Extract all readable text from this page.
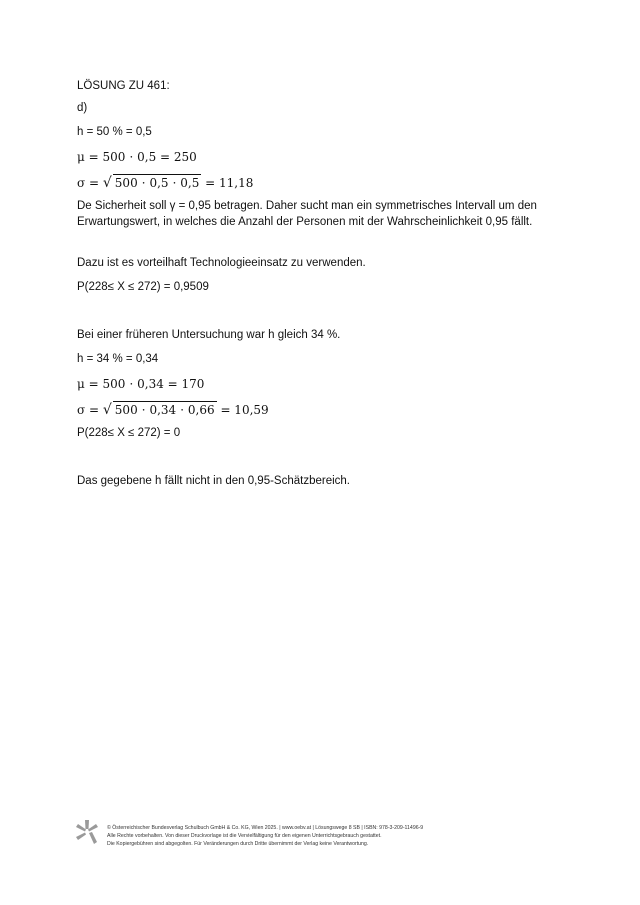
LÖSUNG ZU 461:
d)
h = 50 % = 0,5
μ = 500 ⋅ 0,5 = 250
σ = √ 500 ⋅ 0,5 ⋅ 0,5 = 11,18
De Sicherheit soll γ = 0,95 betragen. Daher sucht man ein symmetrisches Intervall um den
Erwartungswert, in welches die Anzahl der Personen mit der Wahrscheinlichkeit 0,95 fällt.
Dazu ist es vorteilhaft Technologieeinsatz zu verwenden.
P(228≤ X ≤ 272) = 0,9509
Bei einer früheren Untersuchung war h gleich 34 %.
h = 34 % = 0,34
μ = 500 ⋅ 0,34 = 170
σ = √ 500 ⋅ 0,34 ⋅ 0,66 = 10,59
P(228≤ X ≤ 272) = 0
Das gegebene h fällt nicht in den 0,95-Schätzbereich.
© Österreichischer Bundesverlag Schulbuch GmbH & Co. KG, Wien 2025. | www.oebv.at | Lösungswege 8 SB | ISBN: 978-3-209-11496-9
Alle Rechte vorbehalten. Von dieser Druckvorlage ist die Vervielfältigung für den eigenen Unterrichtsgebrauch gestattet.
Die Kopiergebühren sind abgegolten. Für Veränderungen durch Dritte übernimmt der Verlag keine Verantwortung.
